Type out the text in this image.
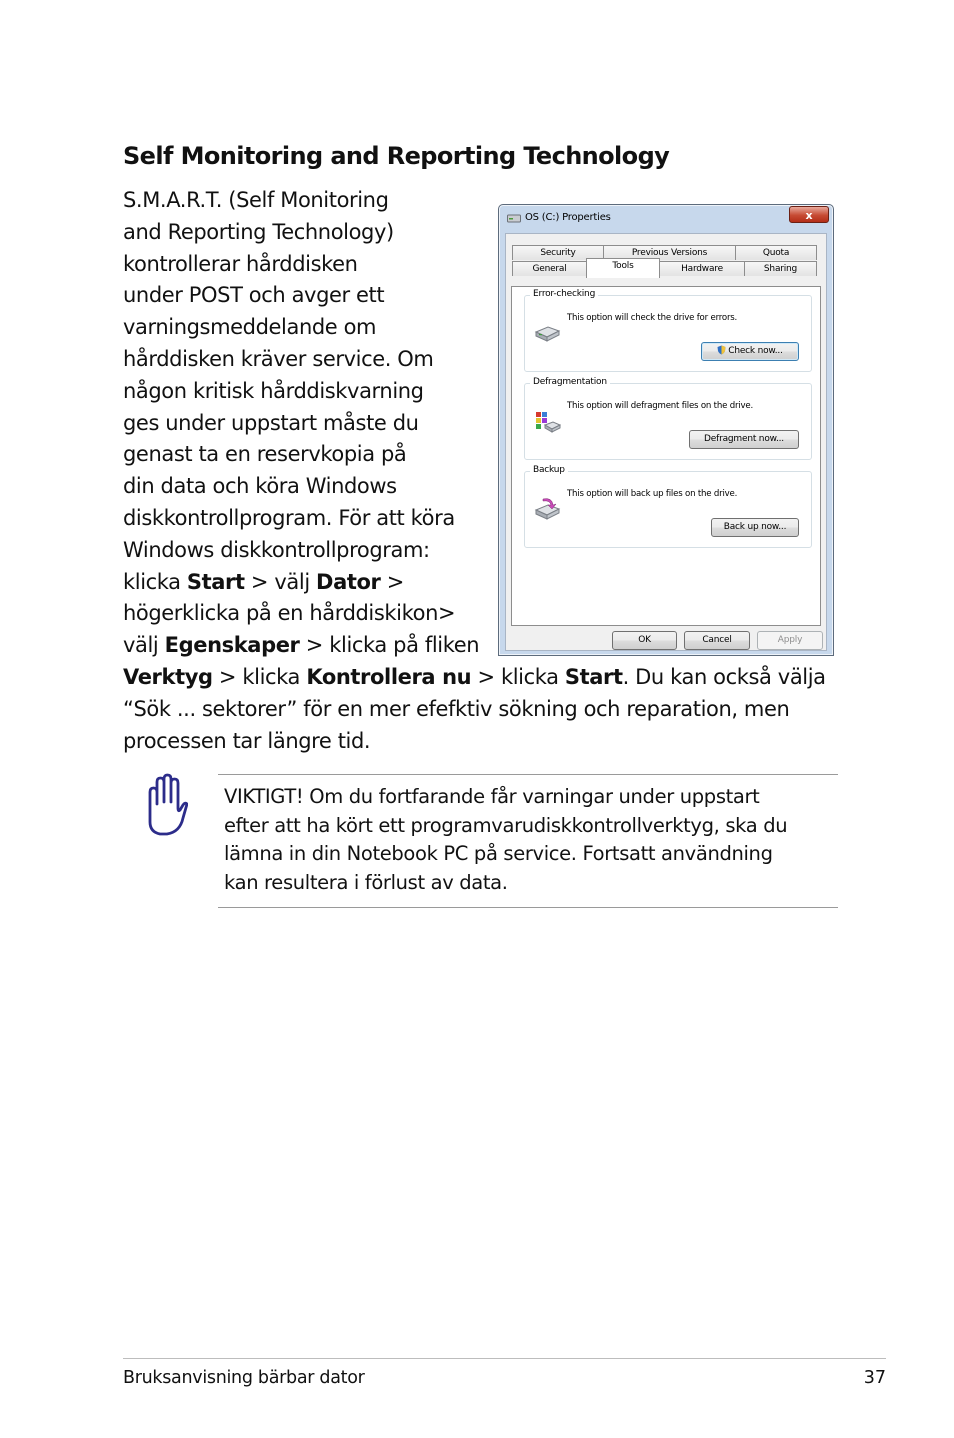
Self Monitoring and Reporting Technology

S.M.A.R.T. (Self Monitoring
and Reporting Technology)
kontrollerar hårddisken
under POST och avger ett
varningsmeddelande om
hårddisken kräver service. Om
någon kritisk hårddiskvarning
ges under uppstart måste du
genast ta en reservkopia på
din data och köra Windows
diskkontrollprogram. För att köra
Windows diskkontrollprogram:
klicka Start > välj Dator >
högerklicka på en hårddiskikon>
välj Egenskaper > klicka på fliken
Verktyg > klicka Kontrollera nu > klicka Start. Du kan också välja
“Sök ... sektorer” för en mer efefktiv sökning och reparation, men
processen tar längre tid.

OS (C:) Properties	x
Security	Previous Versions	Quota
General	Tools	Hardware	Sharing
Error-checking
This option will check the drive for errors.
Check now...
Defragmentation
This option will defragment files on the drive.
Defragment now...
Backup
This option will back up files on the drive.
Back up now...
OK	Cancel	Apply

VIKTIGT! Om du fortfarande får varningar under uppstart
efter att ha kört ett programvarudiskkontrollverktyg, ska du
lämna in din Notebook PC på service. Fortsatt användning
kan resultera i förlust av data.

Bruksanvisning bärbar dator	37
